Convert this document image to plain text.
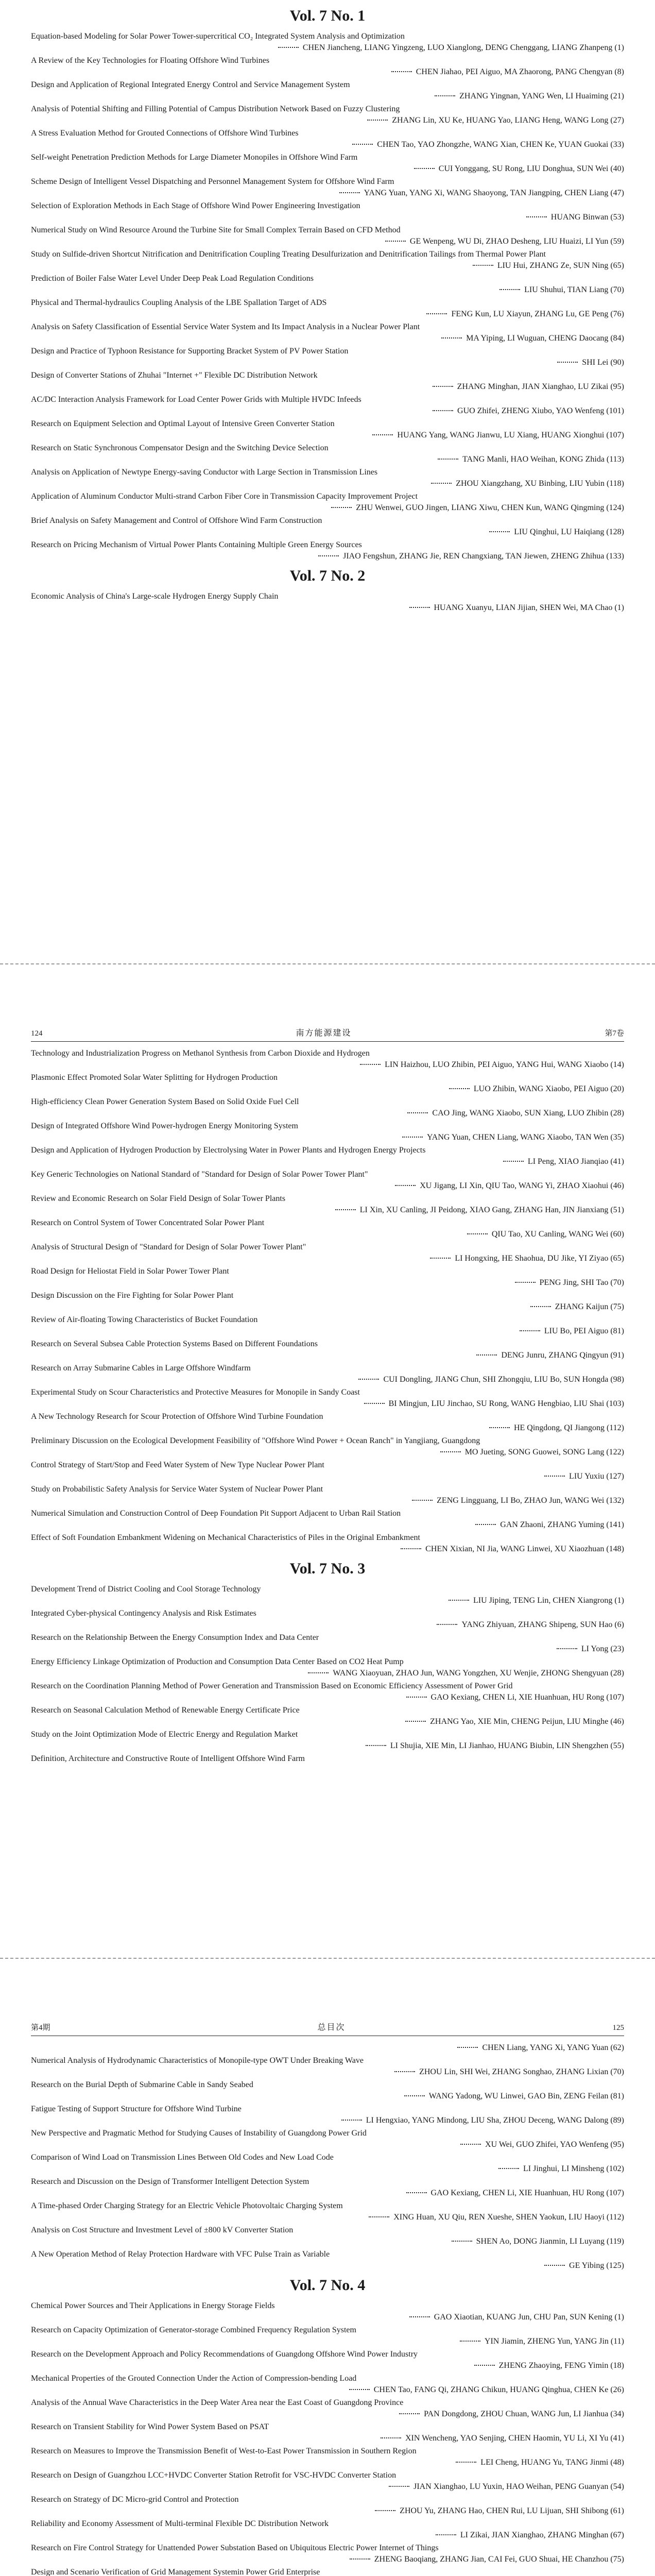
Vol. 7 No. 1
Equation-based Modeling for Solar Power Tower-supercritical CO₂ Integrated System Analysis and Optimization
CHEN Jiancheng, LIANG Yingzeng, LUO Xianglong, DENG Chenggang, LIANG Zhanpeng (1)
A Review of the Key Technologies for Floating Offshore Wind Turbines
CHEN Jiahao, PEI Aiguo, MA Zhaorong, PANG Chengyan (8)
Design and Application of Regional Integrated Energy Control and Service Management System
ZHANG Yingnan, YANG Wen, LI Huaiming (21)
Analysis of Potential Shifting and Filling Potential of Campus Distribution Network Based on Fuzzy Clustering
ZHANG Lin, XU Ke, HUANG Yao, LIANG Heng, WANG Long (27)
A Stress Evaluation Method for Grouted Connections of Offshore Wind Turbines
CHEN Tao, YAO Zhongzhe, WANG Xian, CHEN Ke, YUAN Guokai (33)
Self-weight Penetration Prediction Methods for Large Diameter Monopiles in Offshore Wind Farm
CUI Yonggang, SU Rong, LIU Donghua, SUN Wei (40)
Scheme Design of Intelligent Vessel Dispatching and Personnel Management System for Offshore Wind Farm
YANG Yuan, YANG Xi, WANG Shaoyong, TAN Jiangping, CHEN Liang (47)
Selection of Exploration Methods in Each Stage of Offshore Wind Power Engineering Investigation
HUANG Binwan (53)
Numerical Study on Wind Resource Around the Turbine Site for Small Complex Terrain Based on CFD Method
GE Wenpeng, WU Di, ZHAO Desheng, LIU Huaizi, LI Yun (59)
Study on Sulfide-driven Shortcut Nitrification and Denitrification Coupling Treating Desulfurization and Denitrification Tailings from Thermal Power Plant
LIU Hui, ZHANG Ze, SUN Ning (65)
Prediction of Boiler False Water Level Under Deep Peak Load Regulation Conditions
LIU Shuhui, TIAN Liang (70)
Physical and Thermal-hydraulics Coupling Analysis of the LBE Spallation Target of ADS
FENG Kun, LU Xiayun, ZHANG Lu, GE Peng (76)
Analysis on Safety Classification of Essential Service Water System and Its Impact Analysis in a Nuclear Power Plant
MA Yiping, LI Wuguan, CHENG Daocang (84)
Design and Practice of Typhoon Resistance for Supporting Bracket System of PV Power Station
SHI Lei (90)
Design of Converter Stations of Zhuhai "Internet +" Flexible DC Distribution Network
ZHANG Minghan, JIAN Xianghao, LU Zikai (95)
AC/DC Interaction Analysis Framework for Load Center Power Grids with Multiple HVDC Infeeds
GUO Zhifei, ZHENG Xiubo, YAO Wenfeng (101)
Research on Equipment Selection and Optimal Layout of Intensive Green Converter Station
HUANG Yang, WANG Jianwu, LU Xiang, HUANG Xionghui (107)
Research on Static Synchronous Compensator Design and the Switching Device Selection
TANG Manli, HAO Weihan, KONG Zhida (113)
Analysis on Application of Newtype Energy-saving Conductor with Large Section in Transmission Lines
ZHOU Xiangzhang, XU Binbing, LIU Yubin (118)
Application of Aluminum Conductor Multi-strand Carbon Fiber Core in Transmission Capacity Improvement Project
ZHU Wenwei, GUO Jingen, LIANG Xiwu, CHEN Kun, WANG Qingming (124)
Brief Analysis on Safety Management and Control of Offshore Wind Farm Construction
LIU Qinghui, LU Haiqiang (128)
Research on Pricing Mechanism of Virtual Power Plants Containing Multiple Green Energy Sources
JIAO Fengshun, ZHANG Jie, REN Changxiang, TAN Jiewen, ZHENG Zhihua (133)
Vol. 7 No. 2
Economic Analysis of China's Large-scale Hydrogen Energy Supply Chain
HUANG Xuanyu, LIAN Jijian, SHEN Wei, MA Chao (1)
124	南方能源建设	第7卷
Technology and Industrialization Progress on Methanol Synthesis from Carbon Dioxide and Hydrogen
LIN Haizhou, LUO Zhibin, PEI Aiguo, YANG Hui, WANG Xiaobo (14)
Plasmonic Effect Promoted Solar Water Splitting for Hydrogen Production
LUO Zhibin, WANG Xiaobo, PEI Aiguo (20)
High-efficiency Clean Power Generation System Based on Solid Oxide Fuel Cell
CAO Jing, WANG Xiaobo, SUN Xiang, LUO Zhibin (28)
Design of Integrated Offshore Wind Power-hydrogen Energy Monitoring System
YANG Yuan, CHEN Liang, WANG Xiaobo, TAN Wen (35)
Design and Application of Hydrogen Production by Electrolysing Water in Power Plants and Hydrogen Energy Projects
LI Peng, XIAO Jianqiao (41)
Key Generic Technologies on National Standard of "Standard for Design of Solar Power Tower Plant"
XU Jigang, LI Xin, QIU Tao, WANG Yi, ZHAO Xiaohui (46)
Review and Economic Research on Solar Field Design of Solar Tower Plants
LI Xin, XU Canling, JI Peidong, XIAO Gang, ZHANG Han, JIN Jianxiang (51)
Research on Control System of Tower Concentrated Solar Power Plant
QIU Tao, XU Canling, WANG Wei (60)
Analysis of Structural Design of "Standard for Design of Solar Power Tower Plant"
LI Hongxing, HE Shaohua, DU Jike, YI Ziyao (65)
Road Design for Heliostat Field in Solar Power Tower Plant
PENG Jing, SHI Tao (70)
Design Discussion on the Fire Fighting for Solar Power Plant
ZHANG Kaijun (75)
Review of Air-floating Towing Characteristics of Bucket Foundation
LIU Bo, PEI Aiguo (81)
Research on Several Subsea Cable Protection Systems Based on Different Foundations
DENG Junru, ZHANG Qingyun (91)
Research on Array Submarine Cables in Large Offshore Windfarm
CUI Dongling, JIANG Chun, SHI Zhongqiu, LIU Bo, SUN Hongda (98)
Experimental Study on Scour Characteristics and Protective Measures for Monopile in Sandy Coast
BI Mingjun, LIU Jinchao, SU Rong, WANG Hengbiao, LIU Shai (103)
A New Technology Research for Scour Protection of Offshore Wind Turbine Foundation
HE Qingdong, QI Jiangong (112)
Preliminary Discussion on the Ecological Development Feasibility of "Offshore Wind Power + Ocean Ranch" in Yangjiang, Guangdong
MO Jueting, SONG Guowei, SONG Lang (122)
Control Strategy of Start/Stop and Feed Water System of New Type Nuclear Power Plant
LIU Yuxiu (127)
Study on Probabilistic Safety Analysis for Service Water System of Nuclear Power Plant
ZENG Lingguang, LI Bo, ZHAO Jun, WANG Wei (132)
Numerical Simulation and Construction Control of Deep Foundation Pit Support Adjacent to Urban Rail Station
GAN Zhaoni, ZHANG Yuming (141)
Effect of Soft Foundation Embankment Widening on Mechanical Characteristics of Piles in the Original Embankment
CHEN Xixian, NI Jia, WANG Linwei, XU Xiaozhuan (148)
Vol. 7 No. 3
Development Trend of District Cooling and Cool Storage Technology
LIU Jiping, TENG Lin, CHEN Xiangrong (1)
Integrated Cyber-physical Contingency Analysis and Risk Estimates
YANG Zhiyuan, ZHANG Shipeng, SUN Hao (6)
Research on the Relationship Between the Energy Consumption Index and Data Center
LI Yong (23)
Energy Efficiency Linkage Optimization of Production and Consumption Data Center Based on CO2 Heat Pump
WANG Xiaoyuan, ZHAO Jun, WANG Yongzhen, XU Wenjie, ZHONG Shengyuan (28)
Research on the Coordination Planning Method of Power Generation and Transmission Based on Economic Efficiency Assessment of Power Grid
GAO Kexiang, CHEN Li, XIE Huanhuan, HU Rong (107)
Research on Seasonal Calculation Method of Renewable Energy Certificate Price
ZHANG Yao, XIE Min, CHENG Peijun, LIU Minghe (46)
Study on the Joint Optimization Mode of Electric Energy and Regulation Market
LI Shujia, XIE Min, LI Jianhao, HUANG Biubin, LIN Shengzhen (55)
Definition, Architecture and Constructive Route of Intelligent Offshore Wind Farm
第4期	总目次	125
CHEN Liang, YANG Xi, YANG Yuan (62)
Numerical Analysis of Hydrodynamic Characteristics of Monopile-type OWT Under Breaking Wave
ZHOU Lin, SHI Wei, ZHANG Songhao, ZHANG Lixian (70)
Research on the Burial Depth of Submarine Cable in Sandy Seabed
WANG Yadong, WU Linwei, GAO Bin, ZENG Feilan (81)
Fatigue Testing of Support Structure for Offshore Wind Turbine
LI Hengxiao, YANG Mindong, LIU Sha, ZHOU Deceng, WANG Dalong (89)
New Perspective and Pragmatic Method for Studying Causes of Instability of Guangdong Power Grid
XU Wei, GUO Zhifei, YAO Wenfeng (95)
Comparison of Wind Load on Transmission Lines Between Old Codes and New Load Code
LI Jinghui, LI Minsheng (102)
Research and Discussion on the Design of Transformer Intelligent Detection System
GAO Kexiang, CHEN Li, XIE Huanhuan, HU Rong (107)
A Time-phased Order Charging Strategy for an Electric Vehicle Photovoltaic Charging System
XING Huan, XU Qiu, REN Xueshe, SHEN Yaokun, LIU Haoyi (112)
Analysis on Cost Structure and Investment Level of ±800 kV Converter Station
SHEN Ao, DONG Jianmin, LI Luyang (119)
A New Operation Method of Relay Protection Hardware with VFC Pulse Train as Variable
GE Yibing (125)
Vol. 7 No. 4
Chemical Power Sources and Their Applications in Energy Storage Fields
GAO Xiaotian, KUANG Jun, CHU Pan, SUN Kening (1)
Research on Capacity Optimization of Generator-storage Combined Frequency Regulation System
YIN Jiamin, ZHENG Yun, YANG Jin (11)
Research on the Development Approach and Policy Recommendations of Guangdong Offshore Wind Power Industry
ZHENG Zhaoying, FENG Yimin (18)
Mechanical Properties of the Grouted Connection Under the Action of Compression-bending Load
CHEN Tao, FANG Qi, ZHANG Chikun, HUANG Qinghua, CHEN Ke (26)
Analysis of the Annual Wave Characteristics in the Deep Water Area near the East Coast of Guangdong Province
PAN Dongdong, ZHOU Chuan, WANG Jun, LI Jianhua (34)
Research on Transient Stability for Wind Power System Based on PSAT
XIN Wencheng, YAO Senjing, CHEN Haomin, YU Li, XI Yu (41)
Research on Measures to Improve the Transmission Benefit of West-to-East Power Transmission in Southern Region
LEI Cheng, HUANG Yu, TANG Jinmi (48)
Research on Design of Guangzhou LCC+HVDC Converter Station Retrofit for VSC-HVDC Converter Station
JIAN Xianghao, LU Yuxin, HAO Weihan, PENG Guanyan (54)
Research on Strategy of DC Micro-grid Control and Protection
ZHOU Yu, ZHANG Hao, CHEN Rui, LU Lijuan, SHI Shibong (61)
Reliability and Economy Assessment of Multi-terminal Flexible DC Distribution Network
LI Zikai, JIAN Xianghao, ZHANG Minghan (67)
Research on Fire Control Strategy for Unattended Power Substation Based on Ubiquitous Electric Power Internet of Things
ZHENG Baoqiang, ZHANG Jian, CAI Fei, GUO Shuai, HE Chanzhou (75)
Design and Scenario Verification of Grid Management Systemin Power Grid Enterprise
